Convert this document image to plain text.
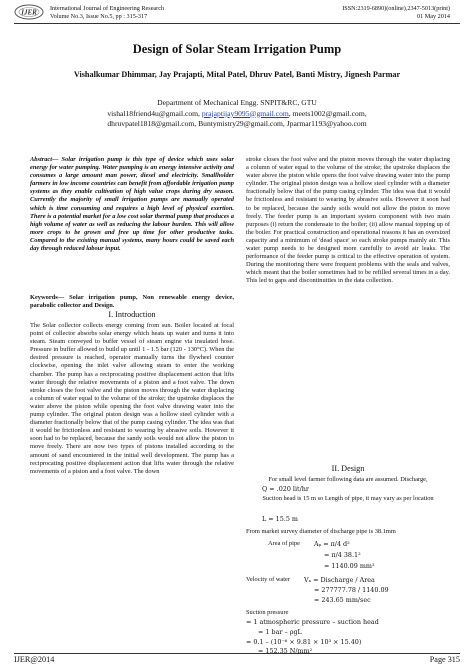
IJER International Journal of Engineering Research
Volume No.3, Issue No.5, pp : 315-317
ISSN:2319-6890)(online),2347-5013(print)
01 May 2014
Design of Solar Steam Irrigation Pump
Vishalkumar Dhimmar, Jay Prajapti, Mital Patel, Dhruv Patel, Banti Mistry, Jignesh Parmar
Department of Mechanical Engg. SNPIT&RC, GTU
vishal18friend4u@gmail.com, prajaptijay9095@gmail.com, meets1002@gmail.com,
dhruvpatel1818@gmail.com, Buntymistry29@gmail.com, Jparmar1193@yahoo.com
Abstract— Solar irrigation pump is this type of device which uses solar energy for water pumping. Water pumping is an energy intensive activity and consumes a large amount man power, diesel and electricity. Smallholder farmers in low income countries can benefit from affordable irrigation pump systems as they enable cultivation of high value crops during dry season. Currently the majority of small irrigation pumps are manually operated which is time consuming and requires a high level of physical exertion. There is a potential market for a low cost solar thermal pump that produces a high volume of water as well as reducing the labour burden. This will allow more crops to be grown and free up time for other productive tasks. Compared to the existing manual systems, many hours could be saved each day through reduced labour input.
Keywords— Solar irrigation pump, Non renewable energy device, parabolic collector and Design.
I. Introduction
The Solar collector collects energy coming from sun. Boiler located at focal point of collector absorbs solar energy which heats up water and turns it into steam. Steam conveyed to buffer vessel of steam engine via insulated hose. Pressure in buffer allowed to build up until 1 - 1.5 bar (120 - 130°C). When the desired pressure is reached, operator manually turns the flywheel counter clockwise, opening the inlet valve allowing steam to enter the working chamber. The pump has a reciprocating positive displacement action that lifts water through the relative movements of a piston and a foot valve. The down stroke closes the foot valve and the piston moves through the water displacing a column of water equal to the volume of the stroke; the upstroke displaces the water above the piston while opening the foot valve drawing water into the pump cylinder. The original piston design was a hollow steel cylinder with a diameter fractionally below that of the pump casing cylinder. The idea was that it would be frictionless and resistant to wearing by abrasive soils. However it soon had to be replaced, because the sandy soils would not allow the piston to move freely. There are now two types of pistons installed according to the amount of sand encountered in the initial well development. The pump has a reciprocating positive displacement action that lifts water through the relative movements of a piston and a foot valve. The down
stroke closes the foot valve and the piston moves through the water displacing a column of water equal to the volume of the stroke; the upstroke displaces the water above the piston while opens the foot valve drawing water into the pump cylinder. The original piston design was a hollow steel cylinder with a diameter fractionally below that of the pump casing cylinder. The idea was that it would be frictionless and resistant to wearing by abrasive soils. However it soon had to be replaced, because the sandy soils would not allow the piston to move freely. The feeder pump is an important system component with two main purposes (i) return the condensate to the boiler; (ii) allow manual topping up of the boiler. For practical construction and operational reasons it has an oversized capacity and a minimum of 'dead space' so each stroke pumps mainly air. This water pump needs to be designed more carefully to avoid air leaks. The performance of the feeder pump is critical to the effective operation of system. During the monitoring there were frequent problems with the seals and valves, which meant that the boiler sometimes had to be refilled several times in a day. This led to gaps and discontinuities in the data collection.
II. Design
For small level farmer following data are assumed. Discharge,
Q = .020 lit/hr
Suction head is 15 m so Length of pipe, it may vary as per location
L = 15.5 m
From market survey diameter of discharge pipe is 38.1mm
Area of pipe Aₚ = π/4 d²
= π/4 38.1²
= 1140.09 mm²
Velocity of water Vₐ = Discharge / Area
= 277777.78 / 1140.09
= 243.65 mm/sec
Suction pressure
= 1 atmospheric pressure – suction head
= 1 bar – ρgL
= 0.1 – (10⁻⁶ × 9.81 × 10³ × 15.40)
= 152.35 N/mm²
IJER@2014	Page 315
